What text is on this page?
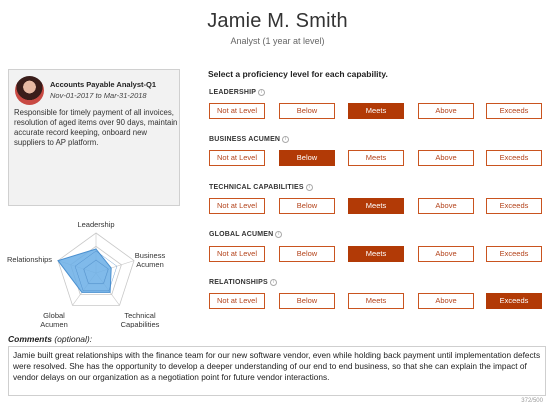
Jamie M. Smith
Analyst (1 year at level)
Accounts Payable Analyst-Q1
Nov-01-2017 to Mar-31-2018
Responsible for timely payment of all invoices, resolution of aged items over 90 days, maintain accurate record keeping, onboard new suppliers to AP platform.
Leadership
Business Acumen
Technical Capabilities
Global Acumen
Relationships
Select a proficiency level for each capability.
LEADERSHIP i
Not at Level	Below	Meets	Above	Exceeds
BUSINESS ACUMEN i
Not at Level	Below	Meets	Above	Exceeds
TECHNICAL CAPABILITIES i
Not at Level	Below	Meets	Above	Exceeds
GLOBAL ACUMEN i
Not at Level	Below	Meets	Above	Exceeds
RELATIONSHIPS i
Not at Level	Below	Meets	Above	Exceeds
Comments (optional):
Jamie built great relationships with the finance team for our new software vendor, even while holding back payment until implementation defects were resolved. She has the opportunity to develop a deeper understanding of our end to end business, so that she can explain the impact of vendor delays on our organization as a negotiation point for future vendor interactions.
372/500
